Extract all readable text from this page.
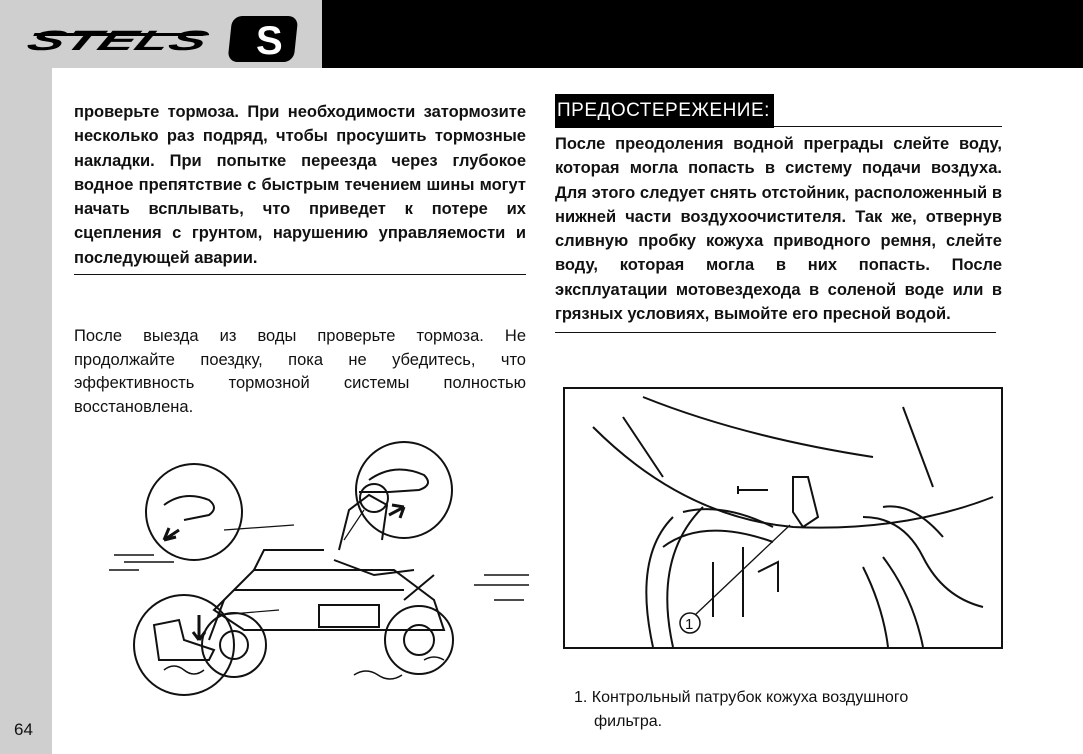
STELS	S
64

проверьте тормоза. При необходимости затормозите несколько раз подряд, чтобы просушить тормозные накладки. При попытке переезда через глубокое водное препятствие с быстрым течением шины могут начать всплывать, что приведет к потере их сцепления с грунтом, нарушению управляемости и последующей аварии.

После выезда из воды проверьте тормоза. Не продолжайте поездку, пока не убедитесь, что эффективность тормозной системы полностью восстановлена.

ПРЕДОСТЕРЕЖЕНИЕ:

После преодоления водной преграды слейте воду, которая могла попасть в систему подачи воздуха. Для этого следует снять отстойник, расположенный в нижней части воздухоочистителя. Так же, отвернув сливную пробку кожуха приводного ремня, слейте воду, которая могла в них попасть. После эксплуатации мотовездехода в соленой воде или в грязных условиях, вымойте его пресной водой.

1
1. Контрольный патрубок кожуха воздушного
фильтра.
